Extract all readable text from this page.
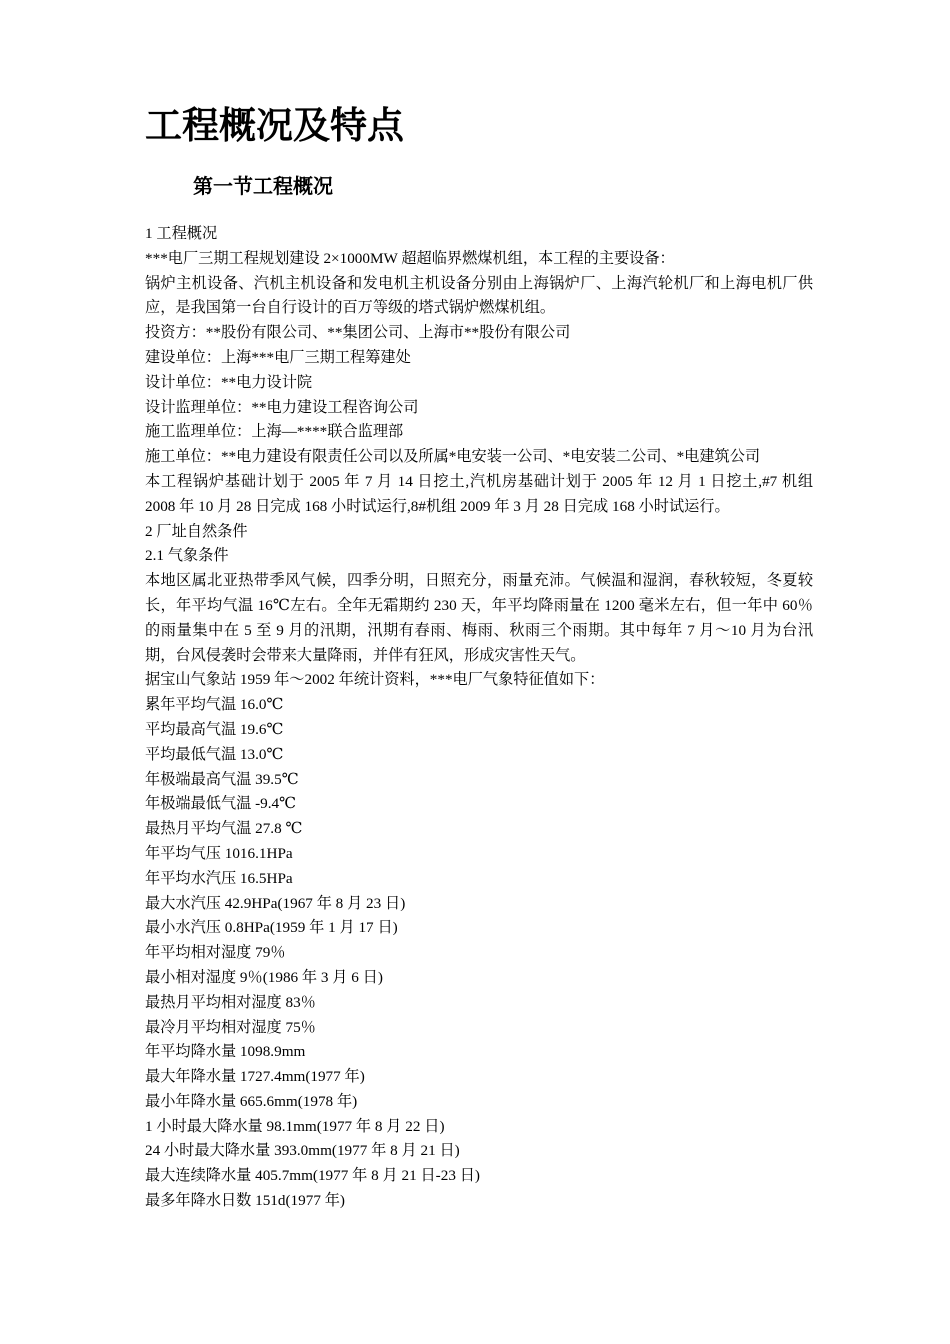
工程概况及特点
第一节工程概况

1 工程概况

***电厂三期工程规划建设 2×1000MW 超超临界燃煤机组，本工程的主要设备：

锅炉主机设备、汽机主机设备和发电机主机设备分别由上海锅炉厂、上海汽轮机厂和上海电机厂供应，是我国第一台自行设计的百万等级的塔式锅炉燃煤机组。

投资方：**股份有限公司、**集团公司、上海市**股份有限公司

建设单位：上海***电厂三期工程筹建处

设计单位：**电力设计院

设计监理单位：**电力建设工程咨询公司

施工监理单位：上海—****联合监理部

施工单位：**电力建设有限责任公司以及所属*电安装一公司、*电安装二公司、*电建筑公司

本工程锅炉基础计划于 2005 年 7 月 14 日挖土,汽机房基础计划于 2005 年 12 月 1 日挖土,#7 机组 2008 年 10 月 28 日完成 168 小时试运行,8#机组 2009 年 3 月 28 日完成 168 小时试运行。

2 厂址自然条件

2.1 气象条件

本地区属北亚热带季风气候，四季分明，日照充分，雨量充沛。气候温和湿润，春秋较短，冬夏较长，年平均气温 16℃左右。全年无霜期约 230 天，年平均降雨量在 1200 毫米左右，但一年中 60％的雨量集中在 5 至 9 月的汛期，汛期有春雨、梅雨、秋雨三个雨期。其中每年 7 月～10 月为台汛期，台风侵袭时会带来大量降雨，并伴有狂风，形成灾害性天气。

据宝山气象站 1959 年～2002 年统计资料，***电厂气象特征值如下：

累年平均气温 16.0℃

平均最高气温 19.6℃

平均最低气温 13.0℃

年极端最高气温 39.5℃

年极端最低气温 -9.4℃

最热月平均气温 27.8 ℃

年平均气压 1016.1HPa

年平均水汽压 16.5HPa

最大水汽压 42.9HPa(1967 年 8 月 23 日)

最小水汽压 0.8HPa(1959 年 1 月 17 日)

年平均相对湿度 79％

最小相对湿度 9％(1986 年 3 月 6 日)

最热月平均相对湿度 83％

最冷月平均相对湿度 75％

年平均降水量 1098.9mm

最大年降水量 1727.4mm(1977 年)

最小年降水量 665.6mm(1978 年)

1 小时最大降水量 98.1mm(1977 年 8 月 22 日)

24 小时最大降水量 393.0mm(1977 年 8 月 21 日)

最大连续降水量 405.7mm(1977 年 8 月 21 日-23 日)

最多年降水日数 151d(1977 年)
